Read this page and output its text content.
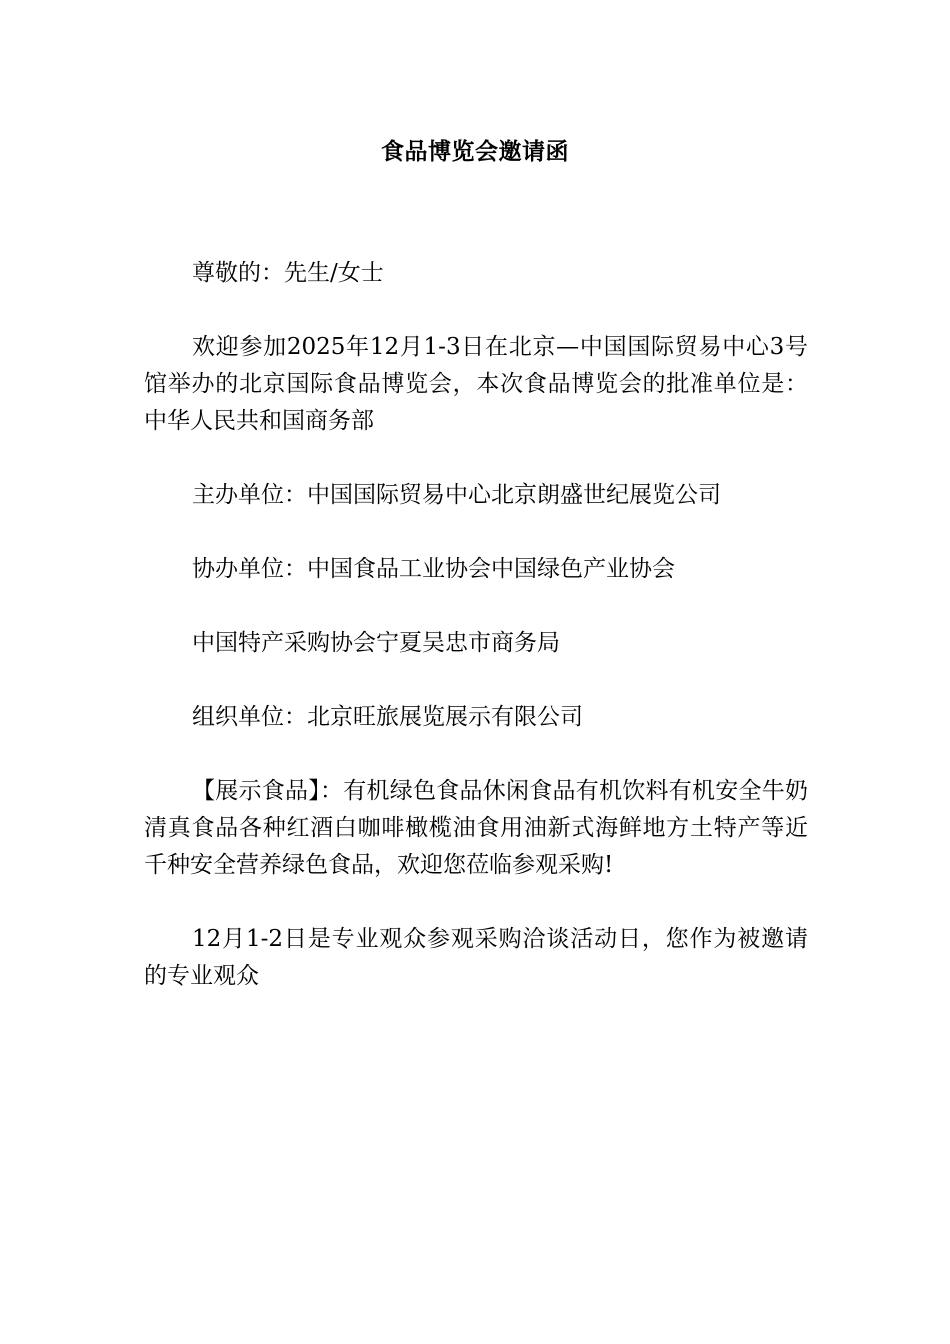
食品博览会邀请函

尊敬的：先生/女士

欢迎参加2025年12月1-3日在北京—中国国际贸易中心3号馆举办的北京国际食品博览会，本次食品博览会的批准单位是：中华人民共和国商务部

主办单位：中国国际贸易中心北京朗盛世纪展览公司

协办单位：中国食品工业协会中国绿色产业协会

中国特产采购协会宁夏吴忠市商务局

组织单位：北京旺旅展览展示有限公司

【展示食品】：有机绿色食品休闲食品有机饮料有机安全牛奶清真食品各种红酒白咖啡橄榄油食用油新式海鲜地方土特产等近千种安全营养绿色食品，欢迎您莅临参观采购!

12月1-2日是专业观众参观采购洽谈活动日，您作为被邀请的专业观众
